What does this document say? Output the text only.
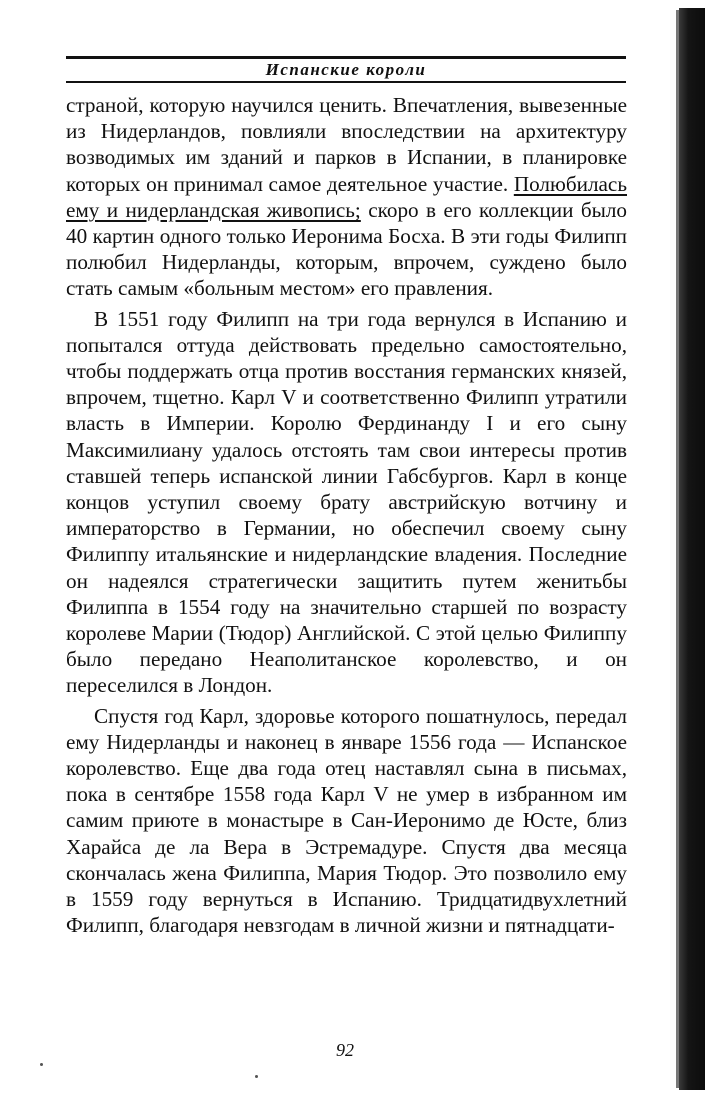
Испанские короли

страной, которую научился ценить. Впечатления, вывезенные из Нидерландов, повлияли впоследствии на архитектуру возводимых им зданий и парков в Испании, в планировке которых он принимал самое деятельное участие. Полюбилась ему и нидерландская живопись; скоро в его коллекции было 40 картин одного только Иеронима Босха. В эти годы Филипп полюбил Нидерланды, которым, впрочем, суждено было стать самым «больным местом» его правления.

В 1551 году Филипп на три года вернулся в Испанию и попытался оттуда действовать предельно самостоятельно, чтобы поддержать отца против восстания германских князей, впрочем, тщетно. Карл V и соответственно Филипп утратили власть в Империи. Королю Фердинанду I и его сыну Максимилиану удалось отстоять там свои интересы против ставшей теперь испанской линии Габсбургов. Карл в конце концов уступил своему брату австрийскую вотчину и императорство в Германии, но обеспечил своему сыну Филиппу итальянские и нидерландские владения. Последние он надеялся стратегически защитить путем женитьбы Филиппа в 1554 году на значительно старшей по возрасту королеве Марии (Тюдор) Английской. С этой целью Филиппу было передано Неаполитанское королевство, и он переселился в Лондон.

Спустя год Карл, здоровье которого пошатнулось, передал ему Нидерланды и наконец в январе 1556 года — Испанское королевство. Еще два года отец наставлял сына в письмах, пока в сентябре 1558 года Карл V не умер в избранном им самим приюте в монастыре в Сан-Иеронимо де Юсте, близ Харайса де ла Вера в Эстремадуре. Спустя два месяца скончалась жена Филиппа, Мария Тюдор. Это позволило ему в 1559 году вернуться в Испанию. Тридцатидвухлетний Филипп, благодаря невзгодам в личной жизни и пятнадцати-

92
